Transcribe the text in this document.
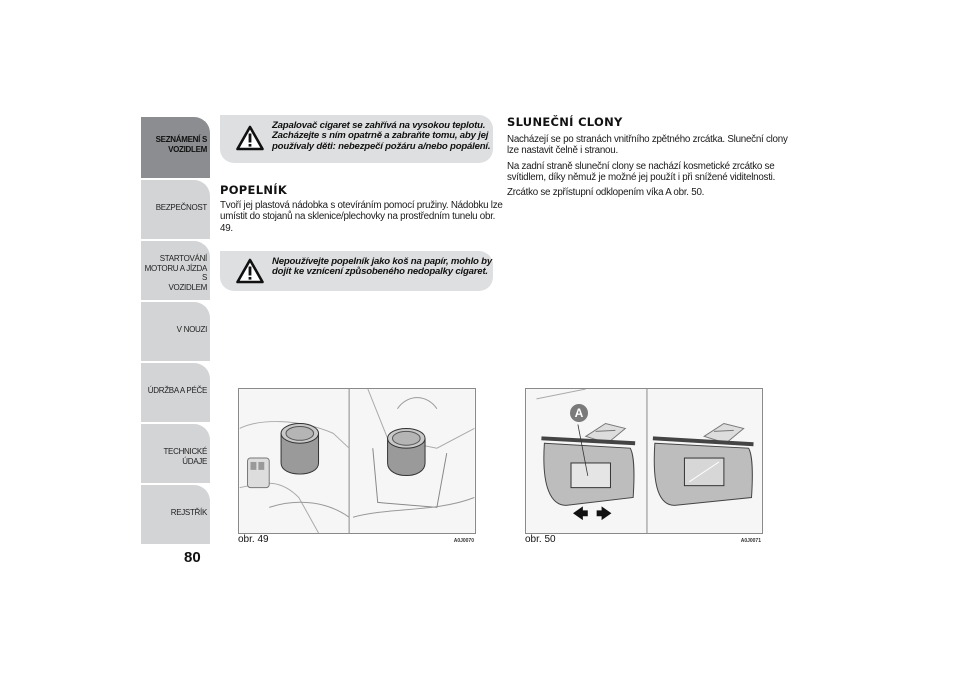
SEZNÁMENÍ S
VOZIDLEM
BEZPEČNOST
STARTOVÁNÍ
MOTORU A JÍZDA S
VOZIDLEM
V NOUZI
ÚDRŽBA A PÉČE
TECHNICKÉ ÚDAJE
REJSTŘÍK
80
Zapalovač cigaret se zahřívá na vysokou teplotu.
Zacházejte s ním opatrně a zabraňte tomu, aby jej
používaly děti: nebezpečí požáru a/nebo popálení.
POPELNÍK
Tvoří jej plastová nádobka s otevíráním pomocí pružiny. Nádobku lze
umístit do stojanů na sklenice/plechovky na prostředním tunelu obr.
49.
Nepoužívejte popelník jako koš na papír, mohlo by
dojít ke vznícení způsobeného nedopalky cigaret.
obr. 49	A0J0070
SLUNEČNÍ CLONY
Nacházejí se po stranách vnitřního zpětného zrcátka. Sluneční clony
lze nastavit čelně i stranou.
Na zadní straně sluneční clony se nachází kosmetické zrcátko se
svítidlem, díky němuž je možné jej použít i při snížené viditelnosti.
Zrcátko se zpřístupní odklopením víka A obr. 50.
A
obr. 50	A0J0071
